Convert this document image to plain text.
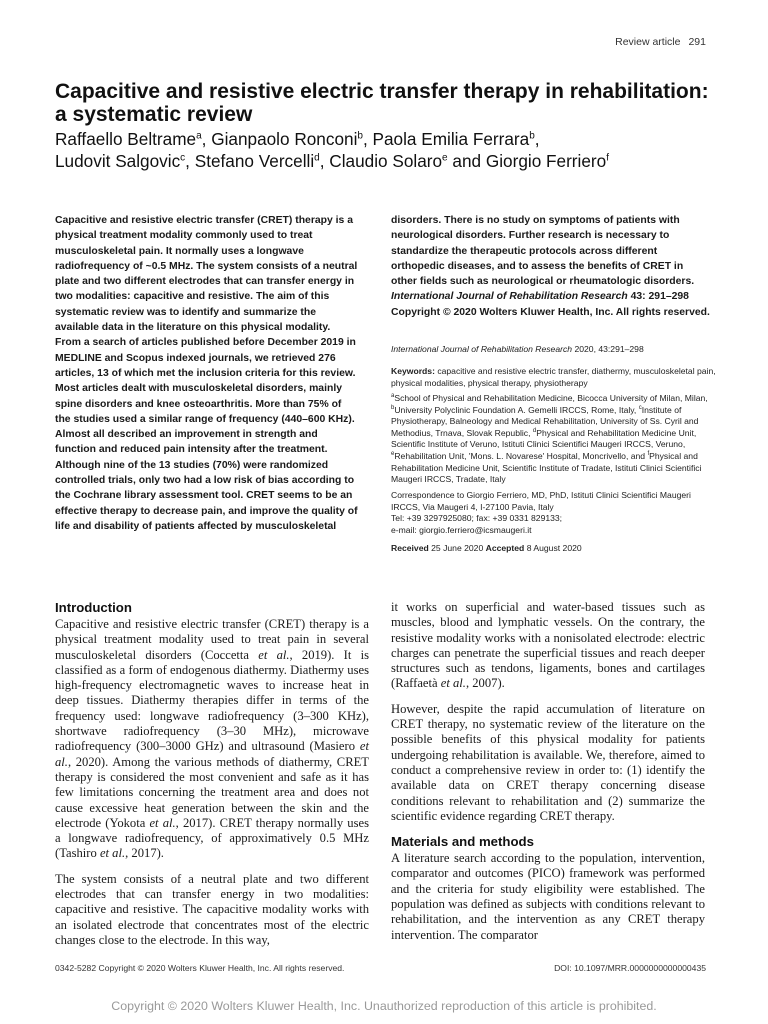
Review article 291
Capacitive and resistive electric transfer therapy in rehabilitation: a systematic review
Raffaello Beltrame$^a$, Gianpaolo Ronconi$^b$, Paola Emilia Ferrara$^b$,
Ludovit Salgovic$^c$, Stefano Vercelli$^d$, Claudio Solaro$^e$ and Giorgio Ferriero$^f$
Capacitive and resistive electric transfer (CRET) therapy is a physical treatment modality commonly used to treat musculoskeletal pain. It normally uses a longwave radiofrequency of ~0.5 MHz. The system consists of a neutral plate and two different electrodes that can transfer energy in two modalities: capacitive and resistive. The aim of this systematic review was to identify and summarize the available data in the literature on this physical modality. From a search of articles published before December 2019 in MEDLINE and Scopus indexed journals, we retrieved 276 articles, 13 of which met the inclusion criteria for this review. Most articles dealt with musculoskeletal disorders, mainly spine disorders and knee osteoarthritis. More than 75% of the studies used a similar range of frequency (440–600 KHz). Almost all described an improvement in strength and function and reduced pain intensity after the treatment. Although nine of the 13 studies (70%) were randomized controlled trials, only two had a low risk of bias according to the Cochrane library assessment tool. CRET seems to be an effective therapy to decrease pain, and improve the quality of life and disability of patients affected by musculoskeletal
disorders. There is no study on symptoms of patients with neurological disorders. Further research is necessary to standardize the therapeutic protocols across different orthopedic diseases, and to assess the benefits of CRET in other fields such as neurological or rheumatologic disorders. International Journal of Rehabilitation Research 43: 291–298 Copyright © 2020 Wolters Kluwer Health, Inc. All rights reserved.
International Journal of Rehabilitation Research 2020, 43:291–298
Keywords: capacitive and resistive electric transfer, diathermy, musculoskeletal pain, physical modalities, physical therapy, physiotherapy
$^a$School of Physical and Rehabilitation Medicine, Bicocca University of Milan, Milan, $^b$University Polyclinic Foundation A. Gemelli IRCCS, Rome, Italy, $^c$Institute of Physiotherapy, Balneology and Medical Rehabilitation, University of Ss. Cyril and Methodius, Trnava, Slovak Republic, $^d$Physical and Rehabilitation Medicine Unit, Scientific Institute of Veruno, Istituti Clinici Scientifici Maugeri IRCCS, Veruno, $^e$Rehabilitation Unit, 'Mons. L. Novarese' Hospital, Moncrivello, and $^f$Physical and Rehabilitation Medicine Unit, Scientific Institute of Tradate, Istituti Clinici Scientifici Maugeri IRCCS, Tradate, Italy
Correspondence to Giorgio Ferriero, MD, PhD, Istituti Clinici Scientifici Maugeri IRCCS, Via Maugeri 4, I-27100 Pavia, Italy
Tel: +39 3297925080; fax: +39 0331 829133;
e-mail: giorgio.ferriero@icsmaugeri.it
Received 25 June 2020 Accepted 8 August 2020
Introduction

Capacitive and resistive electric transfer (CRET) therapy is a physical treatment modality used to treat pain in several musculoskeletal disorders (Coccetta et al., 2019). It is classified as a form of endogenous diathermy. Diathermy uses high-frequency electromagnetic waves to increase heat in deep tissues. Diathermy therapies differ in terms of the frequency used: longwave radiofrequency (3–300 KHz), shortwave radiofrequency (3–30 MHz), microwave radiofrequency (300–3000 GHz) and ultrasound (Masiero et al., 2020). Among the various methods of diathermy, CRET therapy is considered the most convenient and safe as it has few limitations concerning the treatment area and does not cause excessive heat generation between the skin and the electrode (Yokota et al., 2017). CRET therapy normally uses a longwave radiofrequency, of approximatively 0.5 MHz (Tashiro et al., 2017).

The system consists of a neutral plate and two different electrodes that can transfer energy in two modalities: capacitive and resistive. The capacitive modality works with an isolated electrode that concentrates most of the electric changes close to the electrode. In this way,

it works on superficial and water-based tissues such as muscles, blood and lymphatic vessels. On the contrary, the resistive modality works with a nonisolated electrode: electric charges can penetrate the superficial tissues and reach deeper structures such as tendons, ligaments, bones and cartilages (Raffaetà et al., 2007).

However, despite the rapid accumulation of literature on CRET therapy, no systematic review of the literature on the possible benefits of this physical modality for patients undergoing rehabilitation is available. We, therefore, aimed to conduct a comprehensive review in order to: (1) identify the available data on CRET therapy concerning disease conditions relevant to rehabilitation and (2) summarize the scientific evidence regarding CRET therapy.

Materials and methods

A literature search according to the population, intervention, comparator and outcomes (PICO) framework was performed and the criteria for study eligibility were established. The population was defined as subjects with conditions relevant to rehabilitation, and the intervention as any CRET therapy intervention. The comparator

0342-5282 Copyright © 2020 Wolters Kluwer Health, Inc. All rights reserved.	DOI: 10.1097/MRR.0000000000000435
Copyright © 2020 Wolters Kluwer Health, Inc. Unauthorized reproduction of this article is prohibited.
